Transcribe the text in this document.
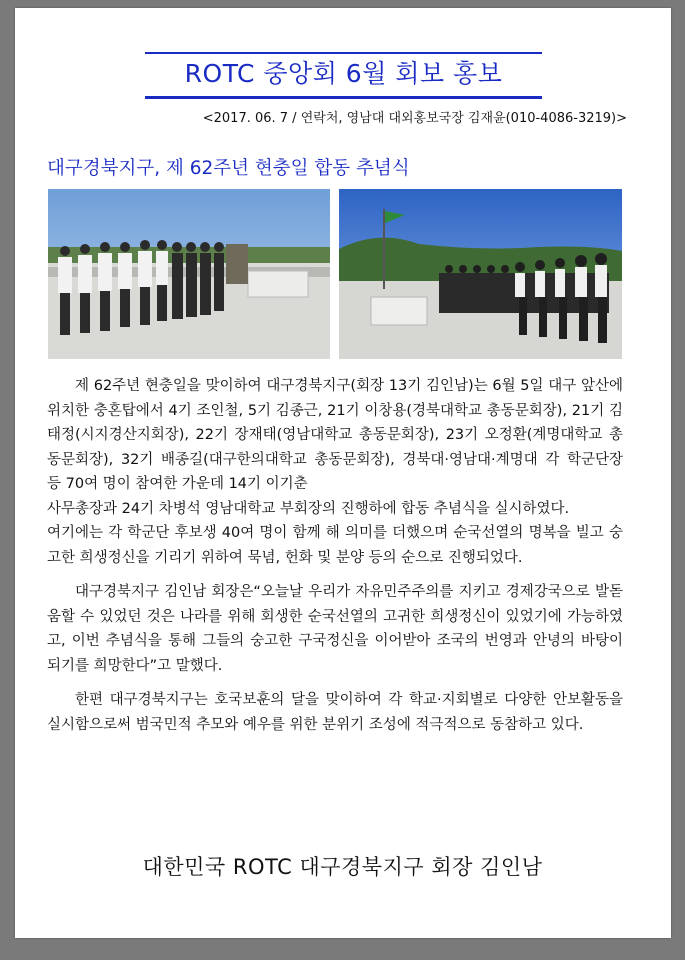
ROTC 중앙회 6월 회보 홍보
<2017. 06. 7 / 연락처, 영남대 대외홍보국장 김재윤(010-4086-3219)>
대구경북지구, 제 62주년 현충일 합동 추념식

제 62주년 현충일을 맞이하여 대구경북지구(회장 13기 김인남)는 6월 5일 대구 앞산에 위치한 충혼탑에서 4기 조인철, 5기 김종근, 21기 이창용(경북대학교 총동문회장), 21기 김태정(시지경산지회장), 22기 장재태(영남대학교 총동문회장), 23기 오정환(계명대학교 총동문회장), 32기 배종길(대구한의대학교 총동문회장), 경북대·영남대·계명대 각 학군단장 등 70여 명이 참여한 가운데 14기 이기춘

사무총장과 24기 차병석 영남대학교 부회장의 진행하에 합동 추념식을 실시하였다.

여기에는 각 학군단 후보생 40여 명이 함께 해 의미를 더했으며 순국선열의 명복을 빌고 숭고한 희생정신을 기리기 위하여 묵념, 헌화 및 분양 등의 순으로 진행되었다.

대구경북지구 김인남 회장은“오늘날 우리가 자유민주주의를 지키고 경제강국으로 발돋움할 수 있었던 것은 나라를 위해 회생한 순국선열의 고귀한 희생정신이 있었기에 가능하였고, 이번 추념식을 통해 그들의 숭고한 구국정신을 이어받아 조국의 번영과 안녕의 바탕이 되기를 희망한다”고 말했다.

한편 대구경북지구는 호국보훈의 달을 맞이하여 각 학교·지회별로 다양한 안보활동을 실시함으로써 범국민적 추모와 예우를 위한 분위기 조성에 적극적으로 동참하고 있다.

대한민국 ROTC 대구경북지구 회장 김인남
